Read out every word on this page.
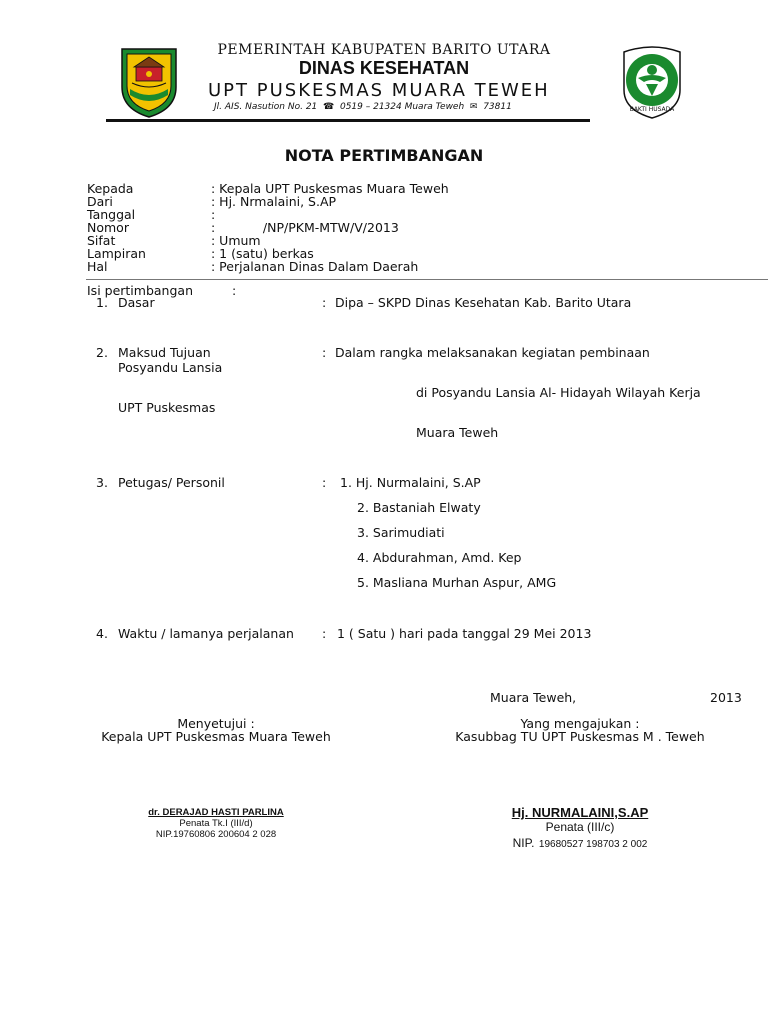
PEMERINTAH KABUPATEN BARITO UTARA
DINAS KESEHATAN
UPT PUSKESMAS MUARA TEWEH
Jl. AIS. Nasution No. 21  ☎  0519 – 21324 Muara Teweh  ✉  73811	BAKTI HUSADA
NOTA PERTIMBANGAN
Kepada	: Kepala UPT Puskesmas Muara Teweh
Dari	: Hj. Nrmalaini, S.AP
Tanggal	:
Nomor	:            /NP/PKM-MTW/V/2013
Sifat	: Umum
Lampiran	: 1 (satu) berkas
Hal	: Perjalanan Dinas Dalam Daerah
Isi pertimbangan	:
1. Dasar	: Dipa – SKPD Dinas Kesehatan Kab. Barito Utara
2. Maksud Tujuan	: Dalam rangka melaksanakan kegiatan pembinaan
Posyandu Lansia
di Posyandu Lansia Al- Hidayah Wilayah Kerja
UPT Puskesmas
Muara Teweh
3. Petugas/ Personil	: 1. Hj. Nurmalaini, S.AP
2. Bastaniah Elwaty
3. Sarimudiati
4. Abdurahman, Amd. Kep
5. Masliana Murhan Aspur, AMG
4. Waktu / lamanya perjalanan : 1 ( Satu ) hari pada tanggal 29 Mei 2013
Muara Teweh,	2013
Menyetujui :
Kepala UPT Puskesmas Muara Teweh
dr. DERAJAD HASTI PARLINA
Penata Tk.I (III/d)
NIP.19760806 200604 2 028
Yang mengajukan :
Kasubbag TU UPT Puskesmas M . Teweh
Hj. NURMALAINI,S.AP
Penata (III/c)
NIP. 19680527 198703 2 002
